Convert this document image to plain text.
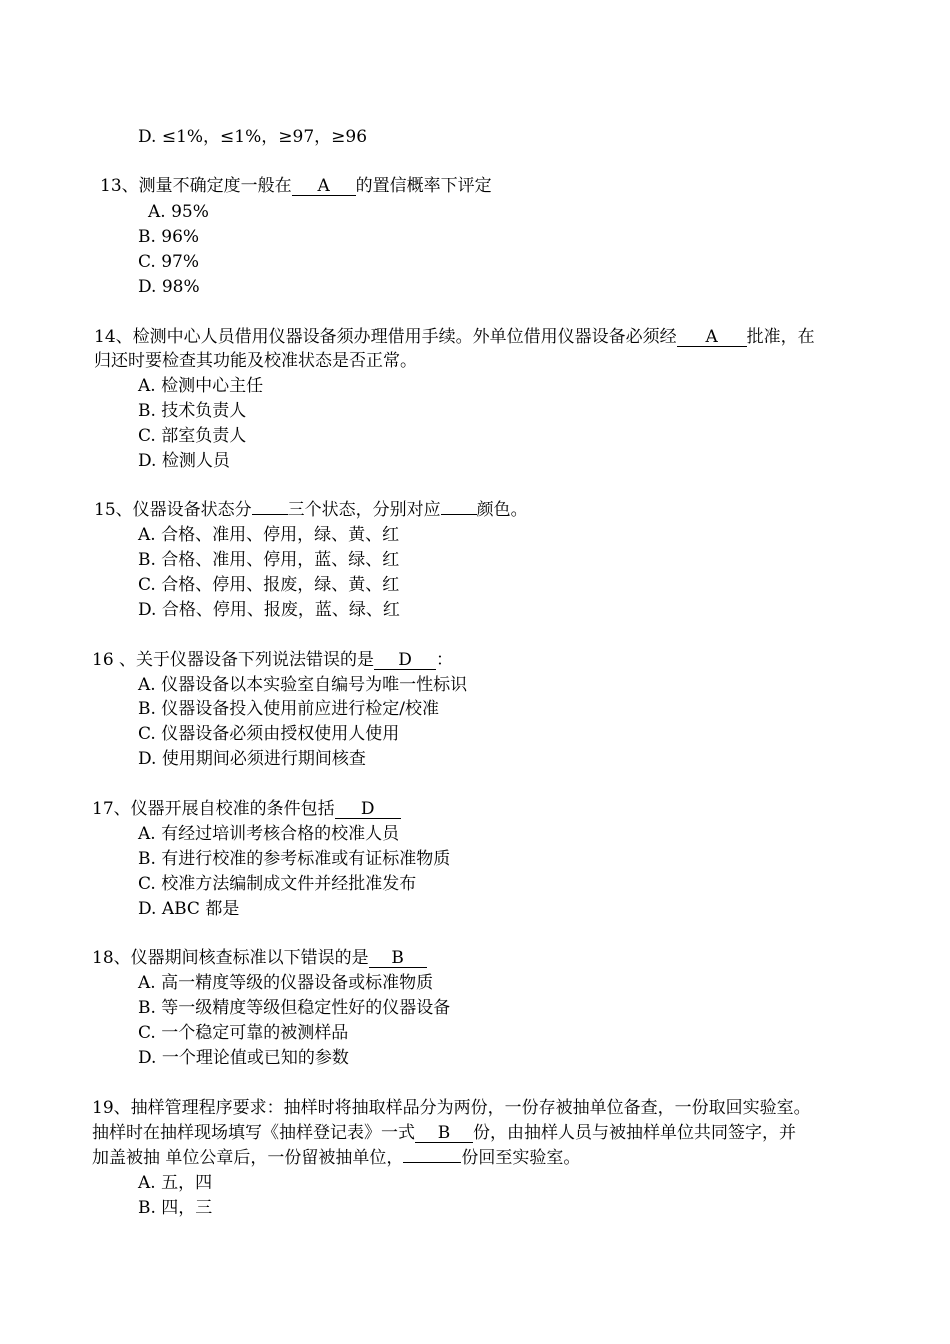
D. ≤1%，≤1%，≥97，≥96
13、测量不确定度一般在 A 的置信概率下评定
A. 95%
B. 96%
C. 97%
D. 98%
14、检测中心人员借用仪器设备须办理借用手续。外单位借用仪器设备必须经 A 批准，在
归还时要检查其功能及校准状态是否正常。
A. 检测中心主任
B. 技术负责人
C. 部室负责人
D. 检测人员
15、仪器设备状态分 三个状态，分别对应 颜色。
A. 合格、准用、停用，绿、黄、红
B. 合格、准用、停用，蓝、绿、红
C. 合格、停用、报废，绿、黄、红
D. 合格、停用、报废，蓝、绿、红
16 、关于仪器设备下列说法错误的是 D ：
A. 仪器设备以本实验室自编号为唯一性标识
B. 仪器设备投入使用前应进行检定/校准
C. 仪器设备必须由授权使用人使用
D. 使用期间必须进行期间核查
17、仪器开展自校准的条件包括 D
A. 有经过培训考核合格的校准人员
B. 有进行校准的参考标准或有证标准物质
C. 校准方法编制成文件并经批准发布
D. ABC 都是
18、仪器期间核查标准以下错误的是 B
A. 高一精度等级的仪器设备或标准物质
B. 等一级精度等级但稳定性好的仪器设备
C. 一个稳定可靠的被测样品
D. 一个理论值或已知的参数
19、抽样管理程序要求：抽样时将抽取样品分为两份，一份存被抽单位备查，一份取回实验室。
抽样时在抽样现场填写《抽样登记表》一式 B 份，由抽样人员与被抽样单位共同签字，并
加盖被抽 单位公章后，一份留被抽单位，	份回至实验室。
A. 五，四
B. 四，三
